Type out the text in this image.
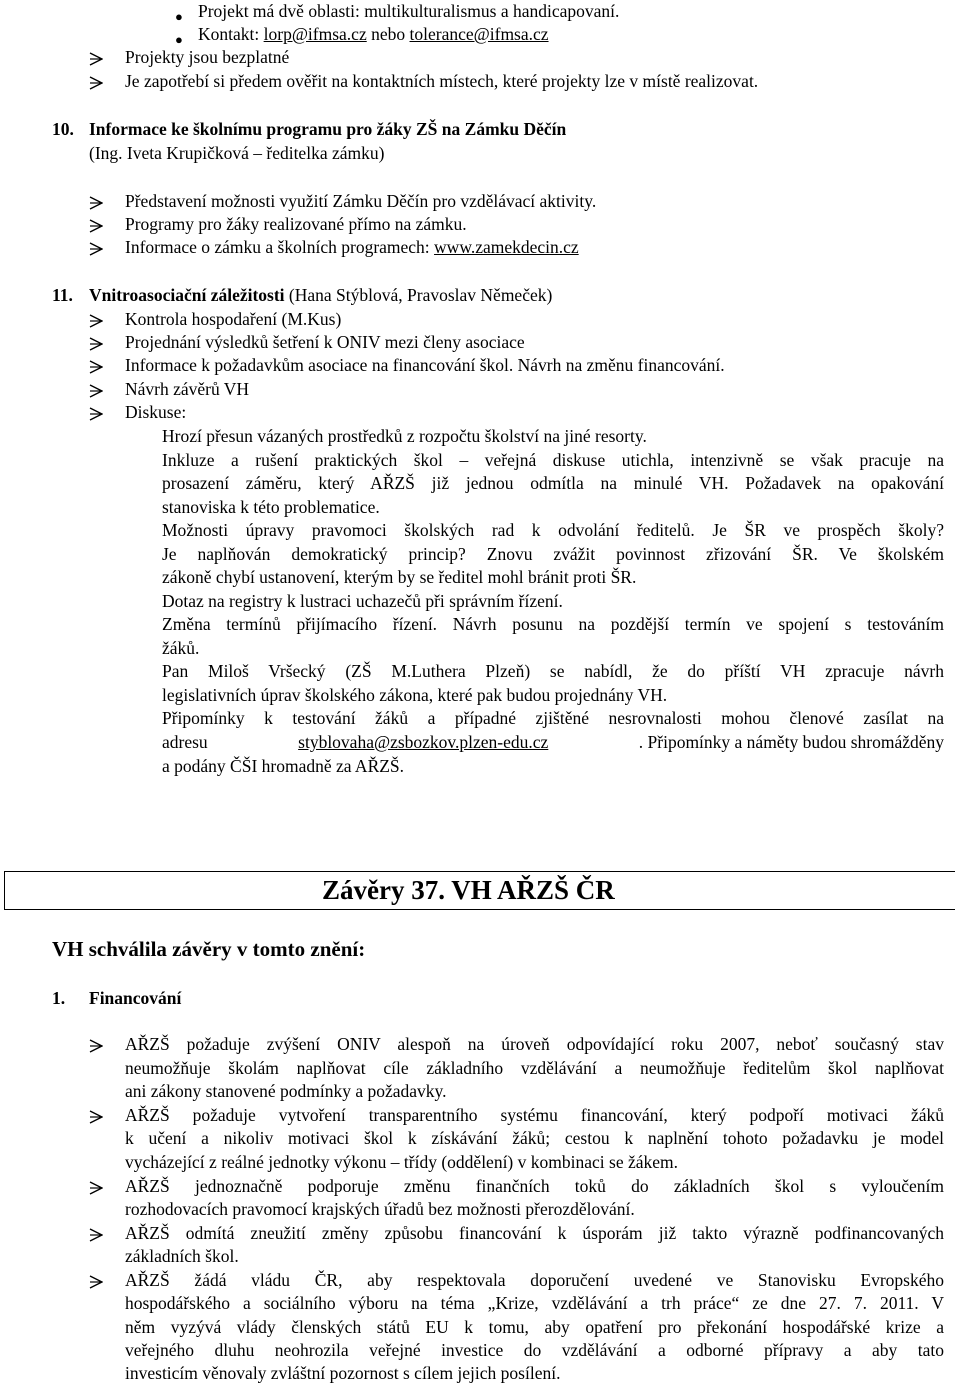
● Projekt má dvě oblasti: multikulturalismus a handicapovaní.
● Kontakt: lorp@ifmsa.cz nebo tolerance@ifmsa.cz
Projekty jsou bezplatné
Je zapotřebí si předem ověřit na kontaktních místech, které projekty lze v místě realizovat.
10. Informace ke školnímu programu pro žáky ZŠ na Zámku Děčín
(Ing. Iveta Krupičková – ředitelka zámku)
Představení možnosti využití Zámku Děčín pro vzdělávací aktivity.
Programy pro žáky realizované přímo na zámku.
Informace o zámku a školních programech: www.zamekdecin.cz
11. Vnitroasociační záležitosti (Hana Stýblová, Pravoslav Němeček)
Kontrola hospodaření (M.Kus)
Projednání výsledků šetření k ONIV mezi členy asociace
Informace k požadavkům asociace na financování škol. Návrh na změnu financování.
Návrh závěrů VH
Diskuse:
Hrozí přesun vázaných prostředků z rozpočtu školství na jiné resorty.
Inkluze a rušení praktických škol – veřejná diskuse utichla, intenzivně se však pracuje na
prosazení záměru, který AŘZŠ již jednou odmítla na minulé VH. Požadavek na opakování
stanoviska k této problematice.
Možnosti úpravy pravomoci školských rad k odvolání ředitelů. Je ŠR ve prospěch školy?
Je naplňován demokratický princip? Znovu zvážit povinnost zřizování ŠR. Ve školském
zákoně chybí ustanovení, kterým by se ředitel mohl bránit proti ŠR.
Dotaz na registry k lustraci uchazečů při správním řízení.
Změna termínů přijímacího řízení. Návrh posunu na pozdější termín ve spojení s testováním
žáků.
Pan Miloš Vršecký (ZŠ M.Luthera Plzeň) se nabídl, že do příští VH zpracuje návrh
legislativních úprav školského zákona, které pak budou projednány VH.
Připomínky k testování žáků a případné zjištěné nesrovnalosti mohou členové zasílat na
adresu	styblovaha@zsbozkov.plzen-edu.cz	. Připomínky a náměty budou shromážděny
a podány ČŠI hromadně za AŘZŠ.
Závěry 37. VH AŘZŠ ČR
VH schválila závěry v tomto znění:
1. Financování
AŘZŠ požaduje zvýšení ONIV alespoň na úroveň odpovídající roku 2007, neboť současný stav
neumožňuje školám naplňovat cíle základního vzdělávání a neumožňuje ředitelům škol naplňovat
ani zákony stanovené podmínky a požadavky.
AŘZŠ požaduje vytvoření transparentního systému financování, který podpoří motivaci žáků
k učení a nikoliv motivaci škol k získávání žáků; cestou k naplnění tohoto požadavku je model
vycházející z reálné jednotky výkonu – třídy (oddělení) v kombinaci se žákem.
AŘZŠ jednoznačně podporuje změnu finančních toků do základních škol s vyloučením
rozhodovacích pravomocí krajských úřadů bez možnosti přerozdělování.
AŘZŠ odmítá zneužití změny způsobu financování k úsporám již takto výrazně podfinancovaných
základních škol.
AŘZŠ žádá vládu ČR, aby respektovala doporučení uvedené ve Stanovisku Evropského
hospodářského a sociálního výboru na téma „Krize, vzdělávání a trh práce“ ze dne 27. 7. 2011. V
něm vyzývá vlády členských států EU k tomu, aby opatření pro překonání hospodářské krize a
veřejného dluhu neohrozila veřejné investice do vzdělávání a odborné přípravy a aby tato
investicím věnovaly zvláštní pozornost s cílem jejich posílení.
